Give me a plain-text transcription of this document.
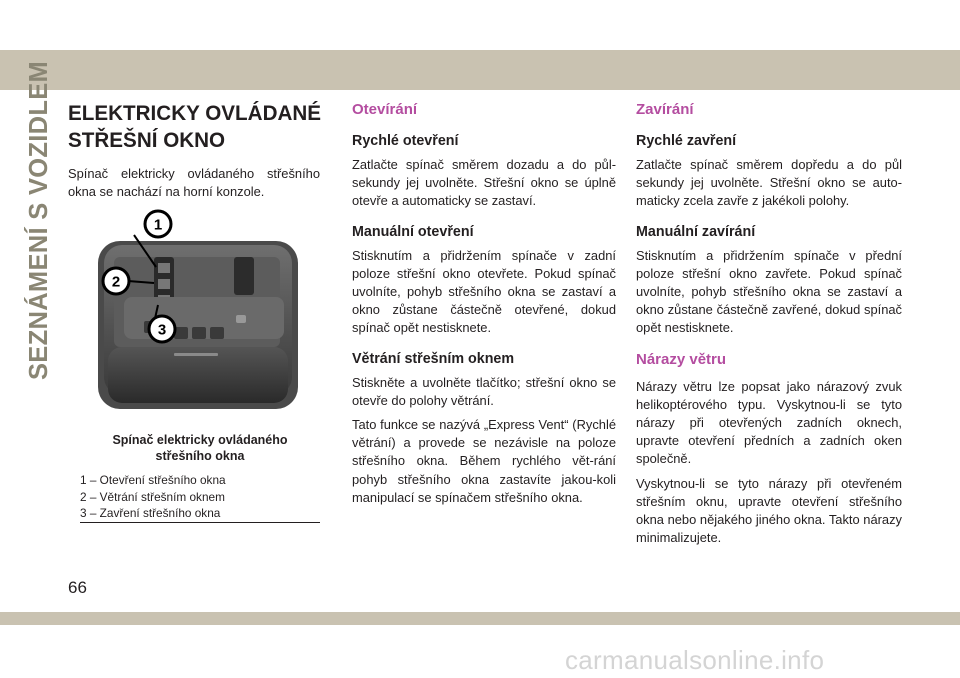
SEZNÁMENÍ S VOZIDLEM ELEKTRICKY OVLÁDANÉ
STŘEŠNÍ OKNO

Spínač elektricky ovládaného střešního okna se nachází na horní konzole.

1
2
3
Spínač elektricky ovládaného
střešního okna
1 – Otevření střešního okna
2 – Větrání střešním oknem
3 – Zavření střešního okna
Otevírání
Rychlé otevření

Zatlačte spínač směrem dozadu a do půl-sekundy jej uvolněte. Střešní okno se úplně otevře a automaticky se zastaví.

Manuální otevření

Stisknutím a přidržením spínače v zadní poloze střešní okno otevřete. Pokud spínač uvolníte, pohyb střešního okna se zastaví a okno zůstane částečně otevřené, dokud spínač opět nestisknete.

Větrání střešním oknem

Stiskněte a uvolněte tlačítko; střešní okno se otevře do polohy větrání.

Tato funkce se nazývá „Express Vent“ (Rychlé větrání) a provede se nezávisle na poloze střešního okna. Během rychlého vět-rání pohyb střešního okna zastavíte jakou-koli manipulací se spínačem střešního okna.

Zavírání
Rychlé zavření

Zatlačte spínač směrem dopředu a do půl sekundy jej uvolněte. Střešní okno se auto-maticky zcela zavře z jakékoli polohy.

Manuální zavírání

Stisknutím a přidržením spínače v přední poloze střešní okno zavřete. Pokud spínač uvolníte, pohyb střešního okna se zastaví a okno zůstane částečně zavřené, dokud spínač opět nestisknete.

Nárazy větru

Nárazy větru lze popsat jako nárazový zvuk helikoptérového typu. Vyskytnou-li se tyto nárazy při otevřených zadních oknech, upravte otevření předních a zadních oken společně.

Vyskytnou-li se tyto nárazy při otevřeném střešním oknu, upravte otevření střešního okna nebo nějakého jiného okna. Takto nárazy minimalizujete.

66
carmanualsonline.info
